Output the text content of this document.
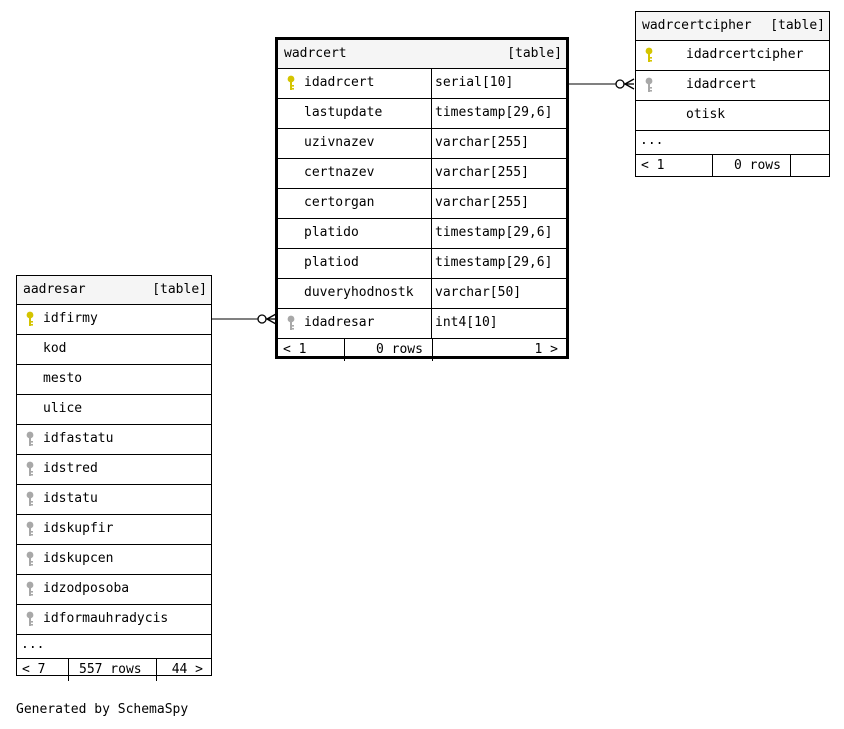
wadrcert	[table]
idadrcert	serial[10]
lastupdate	timestamp[29,6]
uzivnazev	varchar[255]
certnazev	varchar[255]
certorgan	varchar[255]
platido	timestamp[29,6]
platiod	timestamp[29,6]
duveryhodnostk varchar[50]
idadresar	int4[10]
< 1	0 rows	1 >
wadrcertcipher [table]
idadrcertcipher
idadrcert
otisk
...
< 1	0 rows
aadresar	[table]
idfirmy
kod
mesto
ulice
idfastatu
idstred
idstatu
idskupfir
idskupcen
idzodposoba
idformauhradycis
...
< 7	557 rows 44 >
Generated by SchemaSpy
